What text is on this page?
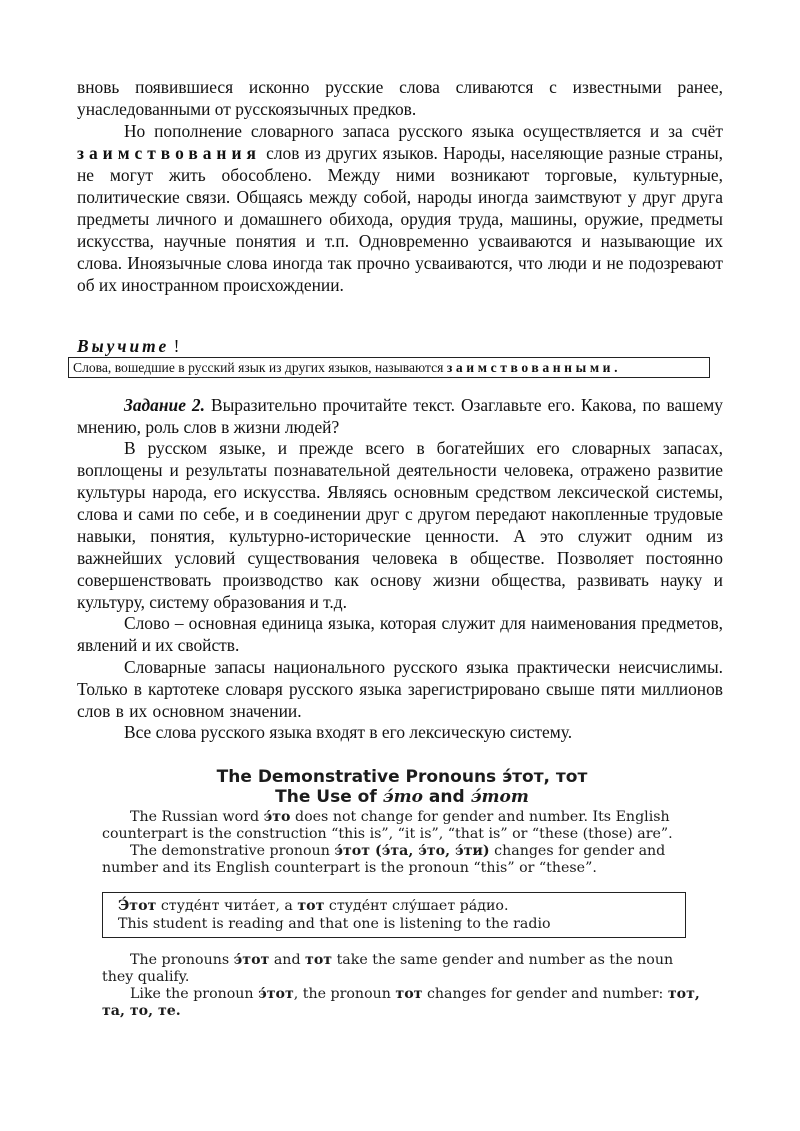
вновь появившиеся исконно русские слова сливаются с известными ранее, унаследованными от русскоязычных предков.

Но пополнение словарного запаса русского языка осуществляется и за счёт заимствования слов из других языков. Народы, населяющие разные страны, не могут жить обособлено. Между ними возникают торговые, культурные, политические связи. Общаясь между собой, народы иногда заимствуют у друг друга предметы личного и домашнего обихода, орудия труда, машины, оружие, предметы искусства, научные понятия и т.п. Одновременно усваиваются и называющие их слова. Иноязычные слова иногда так прочно усваиваются, что люди и не подозревают об их иностранном происхождении.

Выучите !

Слова, вошедшие в русский язык из других языков, называются заимствованными.

Задание 2. Выразительно прочитайте текст. Озаглавьте его. Какова, по вашему мнению, роль слов в жизни людей?

В русском языке, и прежде всего в богатейших его словарных запасах, воплощены и результаты познавательной деятельности человека, отражено развитие культуры народа, его искусства. Являясь основным средством лексической системы, слова и сами по себе, и в соединении друг с другом передают накопленные трудовые навыки, понятия, культурно-исторические ценности. А это служит одним из важнейших условий существования человека в обществе. Позволяет постоянно совершенствовать производство как основу жизни общества, развивать науку и культуру, систему образования и т.д.

Слово – основная единица языка, которая служит для наименования предметов, явлений и их свойств.

Словарные запасы национального русского языка практически неисчислимы. Только в картотеке словаря русского языка зарегистрировано свыше пяти миллионов слов в их основном значении.

Все слова русского языка входят в его лексическую систему.

The Demonstrative Pronouns э́тот, тот
The Use of э́то and э́тот

The Russian word э́то does not change for gender and number. Its English counterpart is the construction “this is”, “it is”, “that is” or “these (those) are”.

The demonstrative pronoun э́тот (э́та, э́то, э́ти) changes for gender and number and its English counterpart is the pronoun “this” or “these”.

Э́тот студе́нт чита́ет, а тот студе́нт слу́шает ра́дио.
This student is reading and that one is listening to the radio

The pronouns э́тот and тот take the same gender and number as the noun they qualify.

Like the pronoun э́тот, the pronoun тот changes for gender and number: тот, та, то, те.
